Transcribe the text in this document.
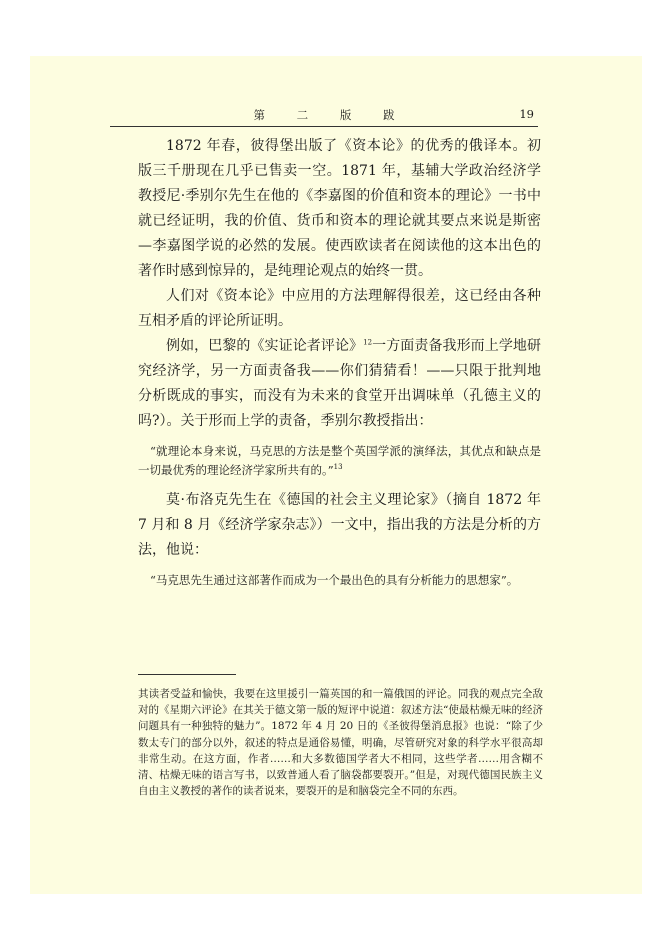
第 二 版 跋	19

1872 年春，彼得堡出版了《资本论》的优秀的俄译本。初版三千册现在几乎已售卖一空。1871 年，基辅大学政治经济学教授尼·季别尔先生在他的《李嘉图的价值和资本的理论》一书中就已经证明，我的价值、货币和资本的理论就其要点来说是斯密—李嘉图学说的必然的发展。使西欧读者在阅读他的这本出色的著作时感到惊异的，是纯理论观点的始终一贯。

人们对《资本论》中应用的方法理解得很差，这已经由各种互相矛盾的评论所证明。

例如，巴黎的《实证论者评论》$^{12}$一方面责备我形而上学地研究经济学，另一方面责备我——你们猜猜看！——只限于批判地分析既成的事实，而没有为未来的食堂开出调味单（孔德主义的吗?）。关于形而上学的责备，季别尔教授指出：

“就理论本身来说，马克思的方法是整个英国学派的演绎法，其优点和缺点是一切最优秀的理论经济学家所共有的。”$^{13}$

莫·布洛克先生在《德国的社会主义理论家》（摘自 1872 年 7 月和 8 月《经济学家杂志》）一文中，指出我的方法是分析的方法，他说：

“马克思先生通过这部著作而成为一个最出色的具有分析能力的思想家”。

其读者受益和愉快，我要在这里援引一篇英国的和一篇俄国的评论。同我的观点完全敌对的《星期六评论》在其关于德文第一版的短评中说道：叙述方法“使最枯燥无味的经济问题具有一种独特的魅力”。1872 年 4 月 20 日的《圣彼得堡消息报》也说：“除了少数太专门的部分以外，叙述的特点是通俗易懂，明确，尽管研究对象的科学水平很高却非常生动。在这方面，作者……和大多数德国学者大不相同，这些学者……用含糊不清、枯燥无味的语言写书，以致普通人看了脑袋都要裂开。”但是，对现代德国民族主义自由主义教授的著作的读者说来，要裂开的是和脑袋完全不同的东西。
